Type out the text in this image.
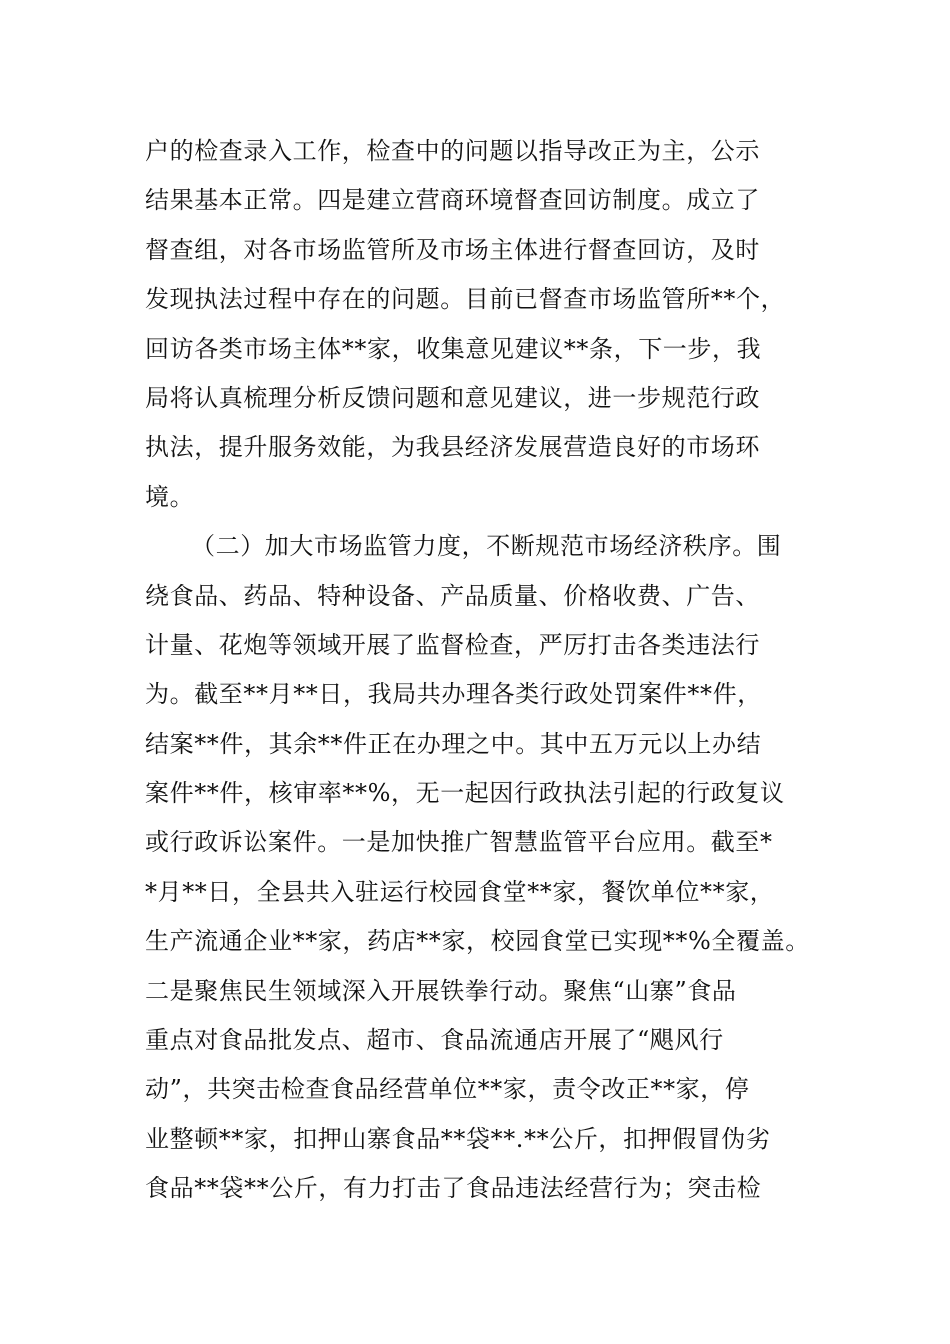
户的检查录入工作，检查中的问题以指导改正为主，公示
结果基本正常。四是建立营商环境督查回访制度。成立了
督查组，对各市场监管所及市场主体进行督查回访，及时
发现执法过程中存在的问题。目前已督查市场监管所**个，
回访各类市场主体**家，收集意见建议**条，下一步，我
局将认真梳理分析反馈问题和意见建议，进一步规范行政
执法，提升服务效能，为我县经济发展营造良好的市场环
境。
（二）加大市场监管力度，不断规范市场经济秩序。围
绕食品、药品、特种设备、产品质量、价格收费、广告、
计量、花炮等领域开展了监督检查，严厉打击各类违法行
为。截至**月**日，我局共办理各类行政处罚案件**件，
结案**件，其余**件正在办理之中。其中五万元以上办结
案件**件，核审率**%，无一起因行政执法引起的行政复议
或行政诉讼案件。一是加快推广智慧监管平台应用。截至*
*月**日，全县共入驻运行校园食堂**家，餐饮单位**家，
生产流通企业**家，药店**家，校园食堂已实现**%全覆盖。
二是聚焦民生领域深入开展铁拳行动。聚焦“山寨”食品
重点对食品批发点、超市、食品流通店开展了“飓风行
动”，共突击检查食品经营单位**家，责令改正**家，停
业整顿**家，扣押山寨食品**袋**.**公斤，扣押假冒伪劣
食品**袋**公斤，有力打击了食品违法经营行为；突击检
